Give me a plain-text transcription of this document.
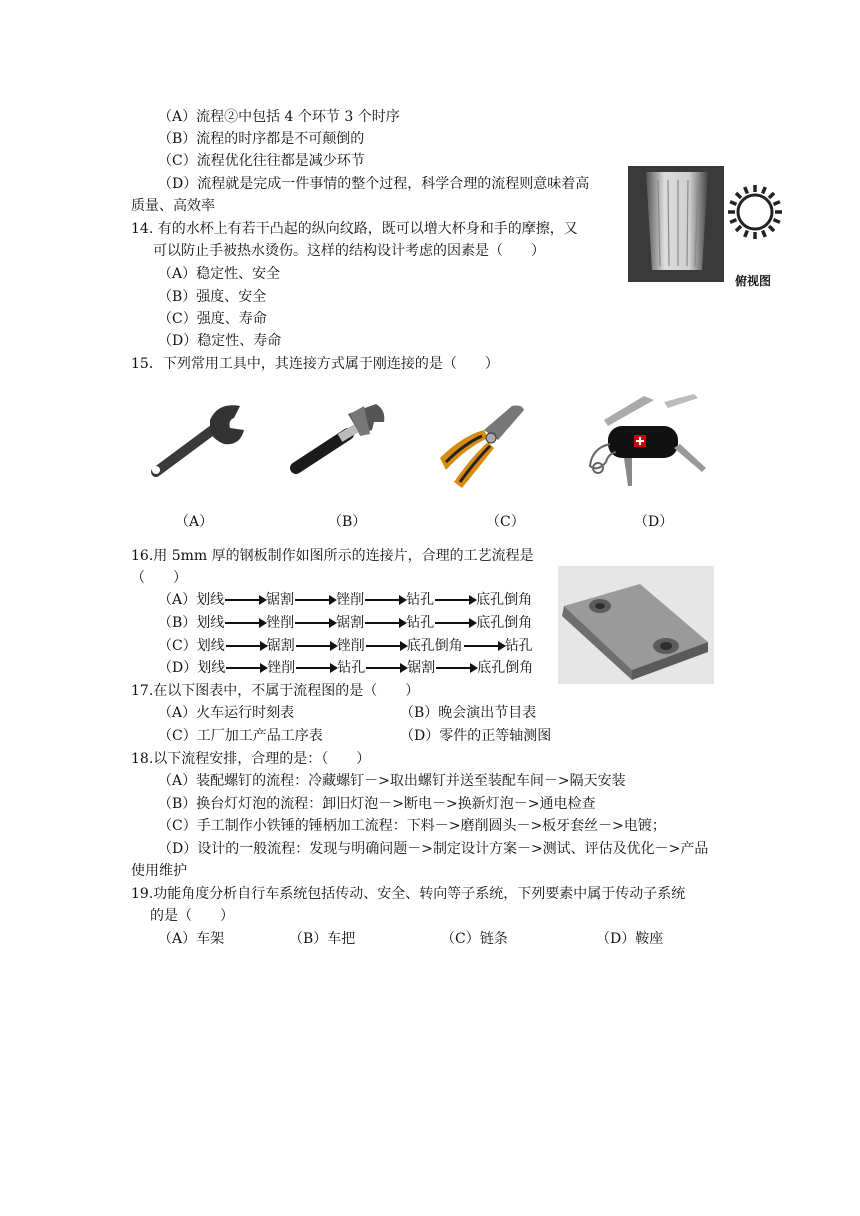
（A）流程②中包括 4 个环节 3 个时序
（B）流程的时序都是不可颠倒的
（C）流程优化往往都是减少环节
（D）流程就是完成一件事情的整个过程，科学合理的流程则意味着高
质量、高效率
14. 有的水杯上有若干凸起的纵向纹路，既可以增大杯身和手的摩擦，又
可以防止手被热水烫伤。这样的结构设计考虑的因素是（　　）
（A）稳定性、安全
（B）强度、安全
（C）强度、寿命
（D）稳定性、寿命
俯视图
15．下列常用工具中，其连接方式属于刚连接的是（　　）
（A）	（B）	（C）	（D）
16.用 5mm 厚的钢板制作如图所示的连接片，合理的工艺流程是
（　　）
（A）划线	锯割	锉削	钻孔	底孔倒角
（B）划线	锉削	锯割	钻孔	底孔倒角
（C）划线	锯割	锉削	底孔倒角	钻孔
（D）划线	锉削	钻孔	锯割	底孔倒角
17.在以下图表中，不属于流程图的是（　　）
（A）火车运行时刻表	（B）晚会演出节目表
（C）工厂加工产品工序表	（D）零件的正等轴测图
18.以下流程安排，合理的是：（　　）
（A）装配螺钉的流程：冷藏螺钉－>取出螺钉并送至装配车间－>隔天安装
（B）换台灯灯泡的流程：卸旧灯泡－>断电－>换新灯泡－>通电检查
（C）手工制作小铁锤的锤柄加工流程：下料－>磨削圆头－>板牙套丝－>电镀；
（D）设计的一般流程：发现与明确问题－>制定设计方案－>测试、评估及优化－>产品
使用维护
19.功能角度分析自行车系统包括传动、安全、转向等子系统，下列要素中属于传动子系统
的是（　　）
（A）车架	（B）车把	（C）链条	（D）鞍座
